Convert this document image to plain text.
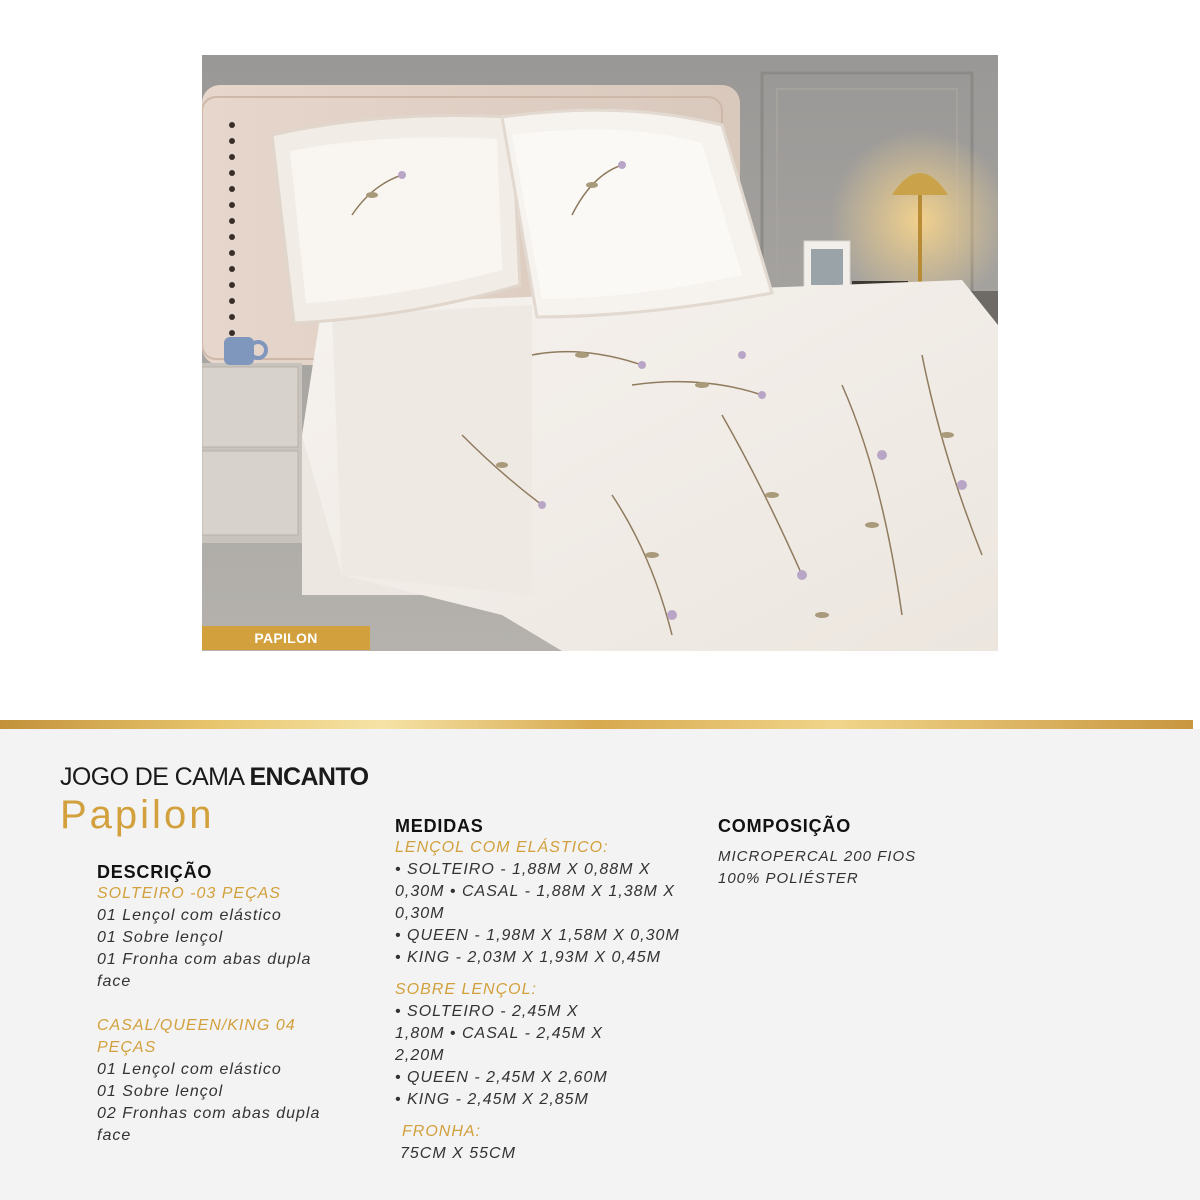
PAPILON
JOGO DE CAMA ENCANTO
Papilon

DESCRIÇÃO

SOLTEIRO -03 PEÇAS
01 Lençol com elástico
01 Sobre lençol
01 Fronha com abas dupla face
CASAL/QUEEN/KING 04 PEÇAS
01 Lençol com elástico
01 Sobre lençol
02 Fronhas com abas dupla face

MEDIDAS

LENÇOL COM ELÁSTICO:
• SOLTEIRO - 1,88M X 0,88M X 0,30M • CASAL - 1,88M X 1,38M X 0,30M
• QUEEN - 1,98M X 1,58M X 0,30M
• KING - 2,03M X 1,93M X 0,45M
SOBRE LENÇOL:
• SOLTEIRO - 2,45M X 1,80M • CASAL - 2,45M X 2,20M
• QUEEN - 2,45M X 2,60M
• KING - 2,45M X 2,85M
FRONHA:
75CM X 55CM

COMPOSIÇÃO

MICROPERCAL 200 FIOS
100% POLIÉSTER
